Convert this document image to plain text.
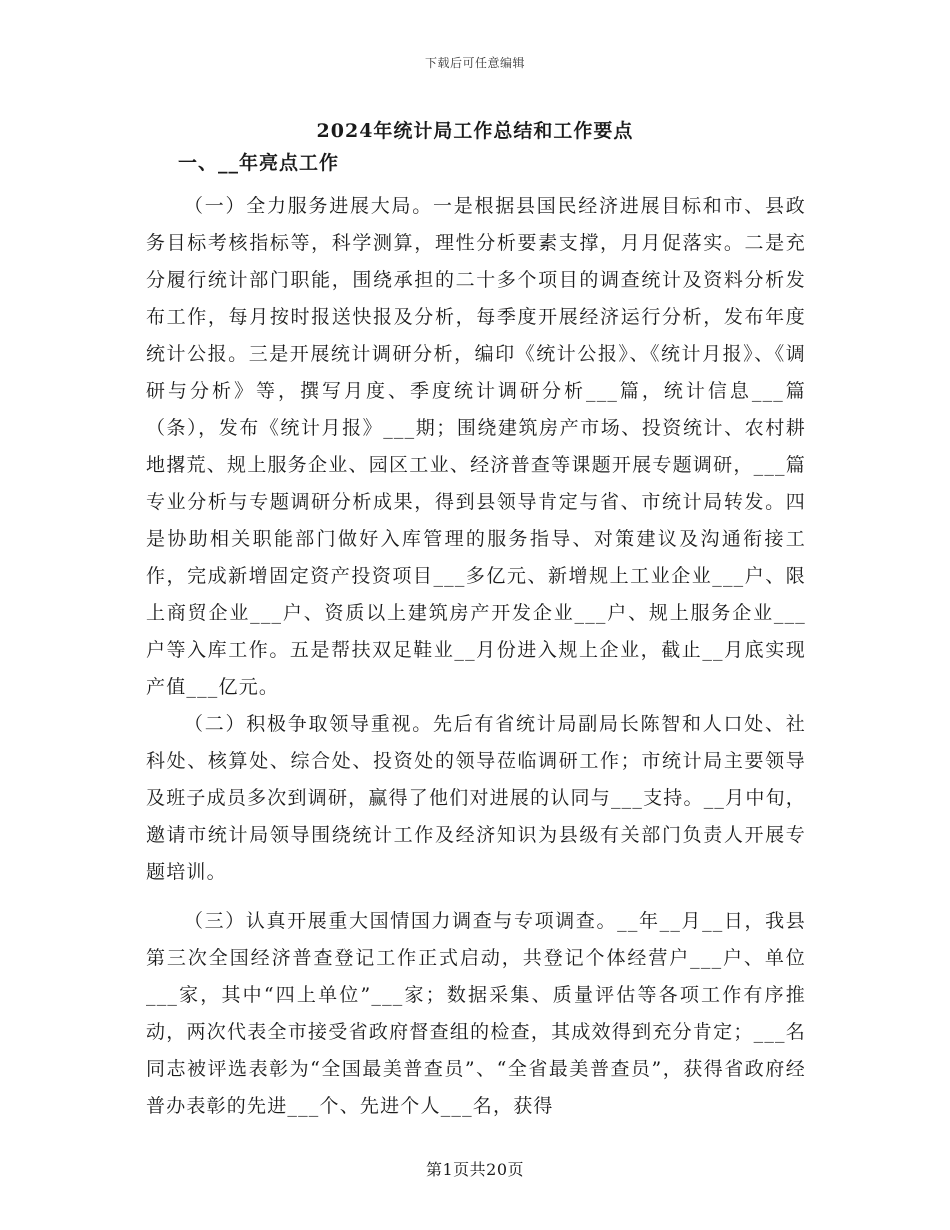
下载后可任意编辑
2024年统计局工作总结和工作要点
一、__年亮点工作

（一）全力服务进展大局。一是根据县国民经济进展目标和市、县政务目标考核指标等，科学测算，理性分析要素支撑，月月促落实。二是充分履行统计部门职能，围绕承担的二十多个项目的调查统计及资料分析发布工作，每月按时报送快报及分析，每季度开展经济运行分析，发布年度统计公报。三是开展统计调研分析，编印《统计公报》、《统计月报》、《调研与分析》等，撰写月度、季度统计调研分析___篇，统计信息___篇（条），发布《统计月报》___期；围绕建筑房产市场、投资统计、农村耕地撂荒、规上服务企业、园区工业、经济普查等课题开展专题调研，___篇专业分析与专题调研分析成果，得到县领导肯定与省、市统计局转发。四是协助相关职能部门做好入库管理的服务指导、对策建议及沟通衔接工作，完成新增固定资产投资项目___多亿元、新增规上工业企业___户、限上商贸企业___户、资质以上建筑房产开发企业___户、规上服务企业___户等入库工作。五是帮扶双足鞋业__月份进入规上企业，截止__月底实现产值___亿元。

（二）积极争取领导重视。先后有省统计局副局长陈智和人口处、社科处、核算处、综合处、投资处的领导莅临调研工作；市统计局主要领导及班子成员多次到调研，赢得了他们对进展的认同与___支持。__月中旬，邀请市统计局领导围绕统计工作及经济知识为县级有关部门负责人开展专题培训。

（三）认真开展重大国情国力调查与专项调查。__年__月__日，我县第三次全国经济普查登记工作正式启动，共登记个体经营户___户、单位___家，其中“四上单位”___家；数据采集、质量评估等各项工作有序推动，两次代表全市接受省政府督查组的检查，其成效得到充分肯定；___名同志被评选表彰为“全国最美普查员”、“全省最美普查员”，获得省政府经普办表彰的先进___个、先进个人___名，获得

第1页共20页
